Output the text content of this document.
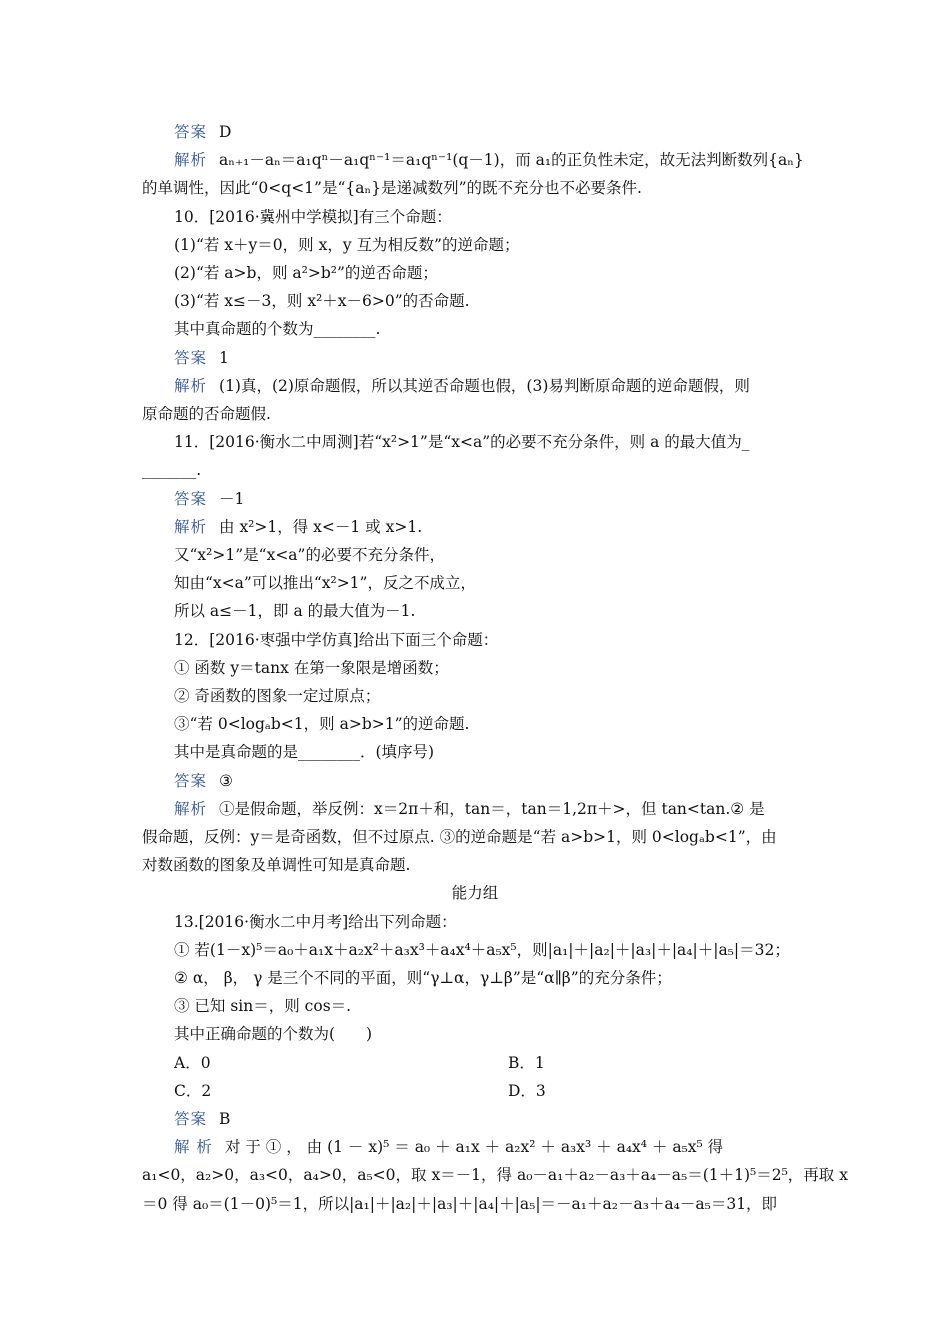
答案 D
解析 aₙ₊₁－aₙ＝a₁qⁿ－a₁qⁿ⁻¹＝a₁qⁿ⁻¹(q－1)，而 a₁的正负性未定，故无法判断数列{aₙ}
的单调性，因此“0<q<1”是“{aₙ}是递减数列”的既不充分也不必要条件.
10．[2016·冀州中学模拟]有三个命题：
(1)“若 x＋y＝0，则 x，y 互为相反数”的逆命题；
(2)“若 a>b，则 a²>b²”的逆否命题；
(3)“若 x≤－3，则 x²＋x－6>0”的否命题.
其中真命题的个数为________.
答案 1
解析 (1)真，(2)原命题假，所以其逆否命题也假，(3)易判断原命题的逆命题假，则
原命题的否命题假.
11．[2016·衡水二中周测]若“x²>1”是“x<a”的必要不充分条件，则 a 的最大值为_
_______.
答案 －1
解析 由 x²>1，得 x<－1 或 x>1.
又“x²>1”是“x<a”的必要不充分条件，
知由“x<a”可以推出“x²>1”，反之不成立，
所以 a≤－1，即 a 的最大值为－1.
12．[2016·枣强中学仿真]给出下面三个命题：
① 函数 y＝tanx 在第一象限是增函数；
② 奇函数的图象一定过原点；
③“若 0<logₐb<1，则 a>b>1”的逆命题.
其中是真命题的是________．(填序号)
答案 ③
解析 ①是假命题，举反例：x＝2π＋和，tan＝，tan＝1,2π＋>，但 tan<tan.② 是
假命题，反例：y＝是奇函数，但不过原点. ③的逆命题是“若 a>b>1，则 0<logₐb<1”，由
对数函数的图象及单调性可知是真命题.
能力组
13.[2016·衡水二中月考]给出下列命题：
① 若(1－x)⁵＝a₀＋a₁x＋a₂x²＋a₃x³＋a₄x⁴＋a₅x⁵，则|a₁|＋|a₂|＋|a₃|＋|a₄|＋|a₅|＝32；
② α， β， γ 是三个不同的平面，则“γ⊥α，γ⊥β”是“α∥β”的充分条件；
③ 已知 sin＝，则 cos＝.
其中正确命题的个数为(　　)
A．0	B．1
C．2	D．3
答案 B
解 析 对 于 ① ， 由 (1 － x)⁵ ＝ a₀ ＋ a₁x ＋ a₂x² ＋ a₃x³ ＋ a₄x⁴ ＋ a₅x⁵ 得
a₁<0，a₂>0，a₃<0，a₄>0，a₅<0，取 x＝－1，得 a₀－a₁＋a₂－a₃＋a₄－a₅＝(1＋1)⁵＝2⁵，再取 x
＝0 得 a₀＝(1－0)⁵＝1，所以|a₁|＋|a₂|＋|a₃|＋|a₄|＋|a₅|＝－a₁＋a₂－a₃＋a₄－a₅＝31，即
